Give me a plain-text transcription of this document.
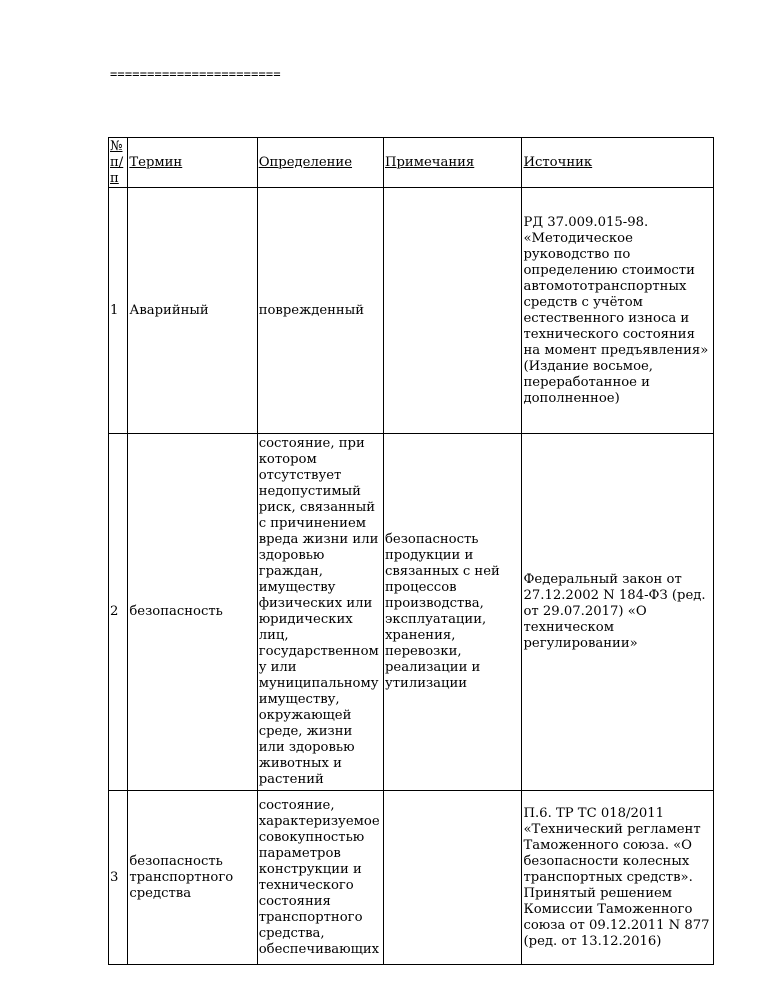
=======================
№ п/п	Термин	Определение	Примечания	Источник
1	Аварийный	поврежденный		РД 37.009.015-98. «Методическое руководство по определению стоимости автомототранспортных средств с учётом естественного износа и технического состояния на момент предъявления» (Издание восьмое, переработанное и дополненное)
2	безопасность	состояние, при котором отсутствует недопустимый риск, связанный с причинением вреда жизни или здоровью граждан, имуществу физических или юридических лиц, государственному или муниципальному имуществу, окружающей среде, жизни или здоровью животных и растений	безопасность продукции и связанных с ней процессов производства, эксплуатации, хранения, перевозки, реализации и утилизации	Федеральный закон от 27.12.2002 N 184-ФЗ (ред. от 29.07.2017) «О техническом регулировании»
3	безопасность транспортного средства	состояние, характеризуемое совокупностью параметров конструкции и технического состояния транспортного средства, обеспечивающих		П.6. ТР ТС 018/2011 «Технический регламент Таможенного союза. «О безопасности колесных транспортных средств». Принятый решением Комиссии Таможенного союза от 09.12.2011 N 877 (ред. от 13.12.2016)
